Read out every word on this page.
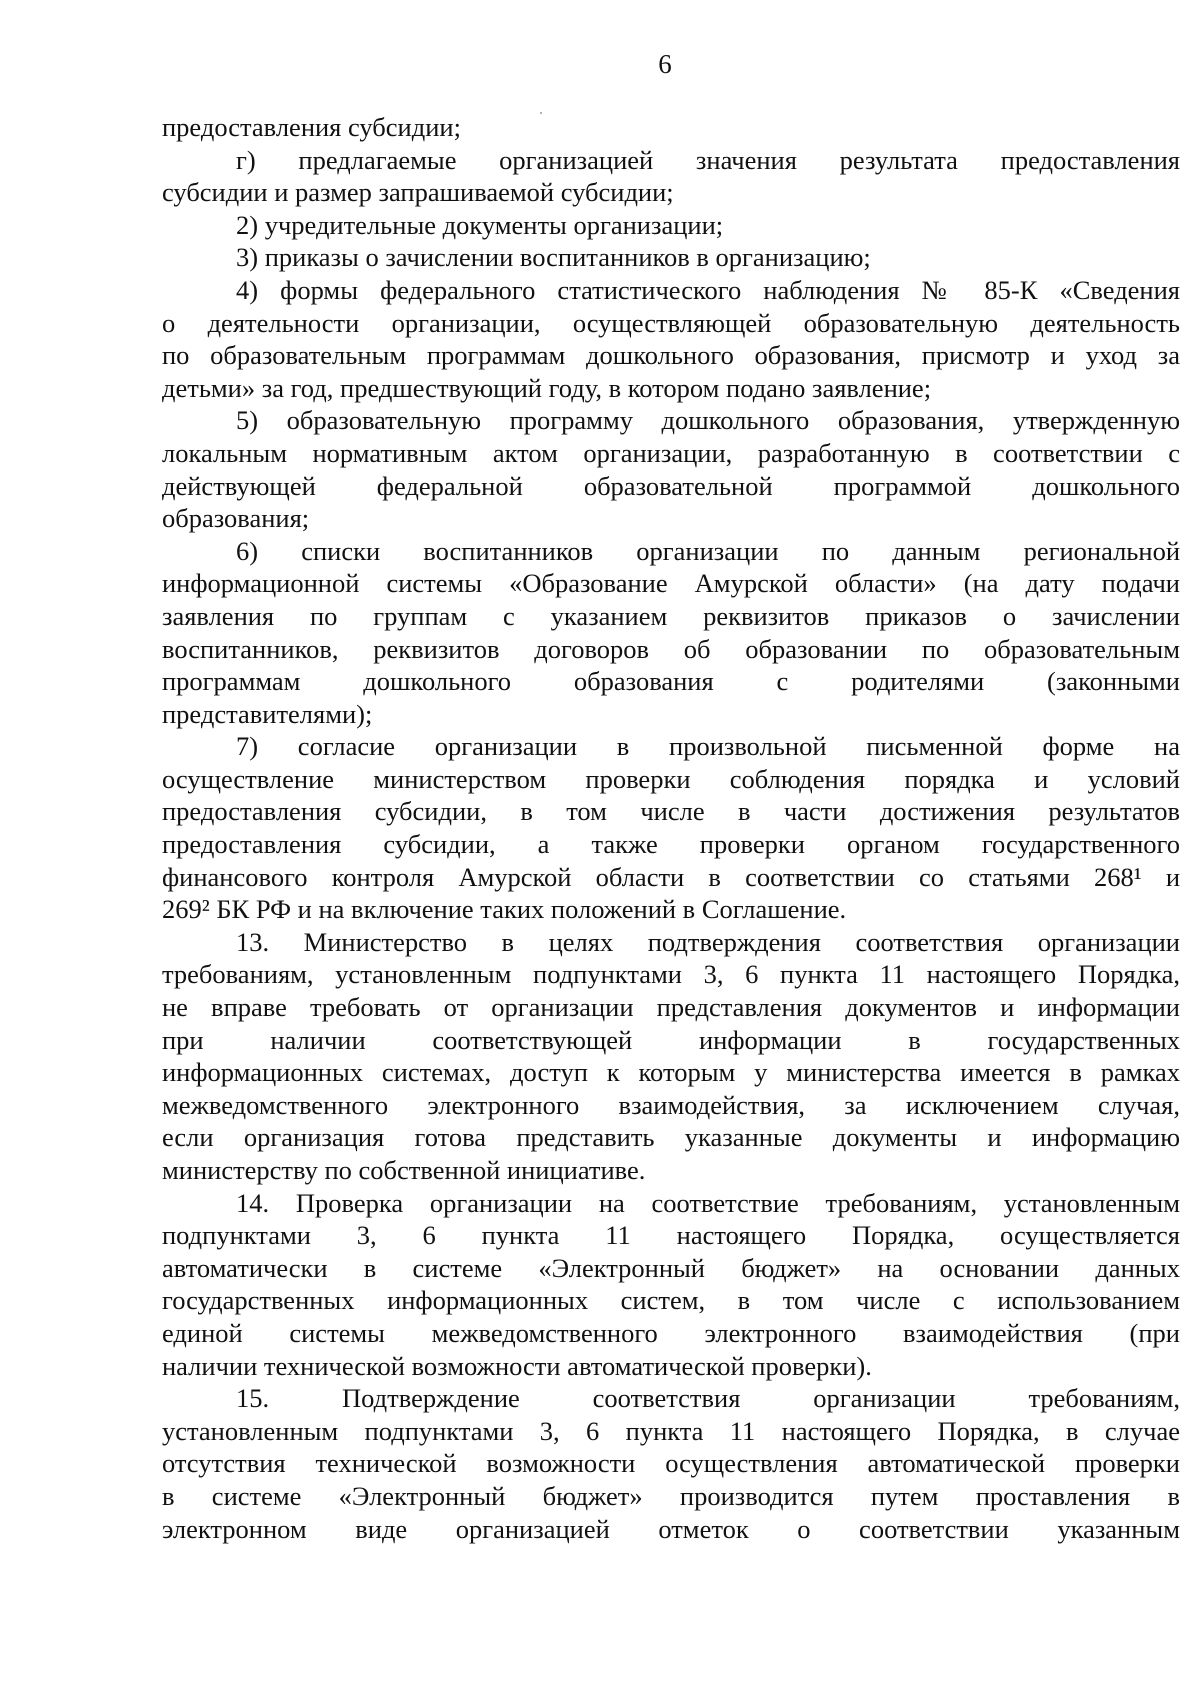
6
предоставления субсидии;
г) предлагаемые организацией значения результата предоставления
субсидии и размер запрашиваемой субсидии;
2) учредительные документы организации;
3) приказы о зачислении воспитанников в организацию;
4) формы федерального статистического наблюдения № 85-К «Сведения
о деятельности организации, осуществляющей образовательную деятельность
по образовательным программам дошкольного образования, присмотр и уход за
детьми» за год, предшествующий году, в котором подано заявление;
5) образовательную программу дошкольного образования, утвержденную
локальным нормативным актом организации, разработанную в соответствии с
действующей федеральной образовательной программой дошкольного
образования;
6) списки воспитанников организации по данным региональной
информационной системы «Образование Амурской области» (на дату подачи
заявления по группам с указанием реквизитов приказов о зачислении
воспитанников, реквизитов договоров об образовании по образовательным
программам дошкольного образования с родителями (законными
представителями);
7) согласие организации в произвольной письменной форме на
осуществление министерством проверки соблюдения порядка и условий
предоставления субсидии, в том числе в части достижения результатов
предоставления субсидии, а также проверки органом государственного
финансового контроля Амурской области в соответствии со статьями 268¹ и
269² БК РФ и на включение таких положений в Соглашение.
13. Министерство в целях подтверждения соответствия организации
требованиям, установленным подпунктами 3, 6 пункта 11 настоящего Порядка,
не вправе требовать от организации представления документов и информации
при наличии соответствующей информации в государственных
информационных системах, доступ к которым у министерства имеется в рамках
межведомственного электронного взаимодействия, за исключением случая,
если организация готова представить указанные документы и информацию
министерству по собственной инициативе.
14. Проверка организации на соответствие требованиям, установленным
подпунктами 3, 6 пункта 11 настоящего Порядка, осуществляется
автоматически в системе «Электронный бюджет» на основании данных
государственных информационных систем, в том числе с использованием
единой системы межведомственного электронного взаимодействия (при
наличии технической возможности автоматической проверки).
15. Подтверждение соответствия организации требованиям,
установленным подпунктами 3, 6 пункта 11 настоящего Порядка, в случае
отсутствия технической возможности осуществления автоматической проверки
в системе «Электронный бюджет» производится путем проставления в
электронном виде организацией отметок о соответствии указанным
